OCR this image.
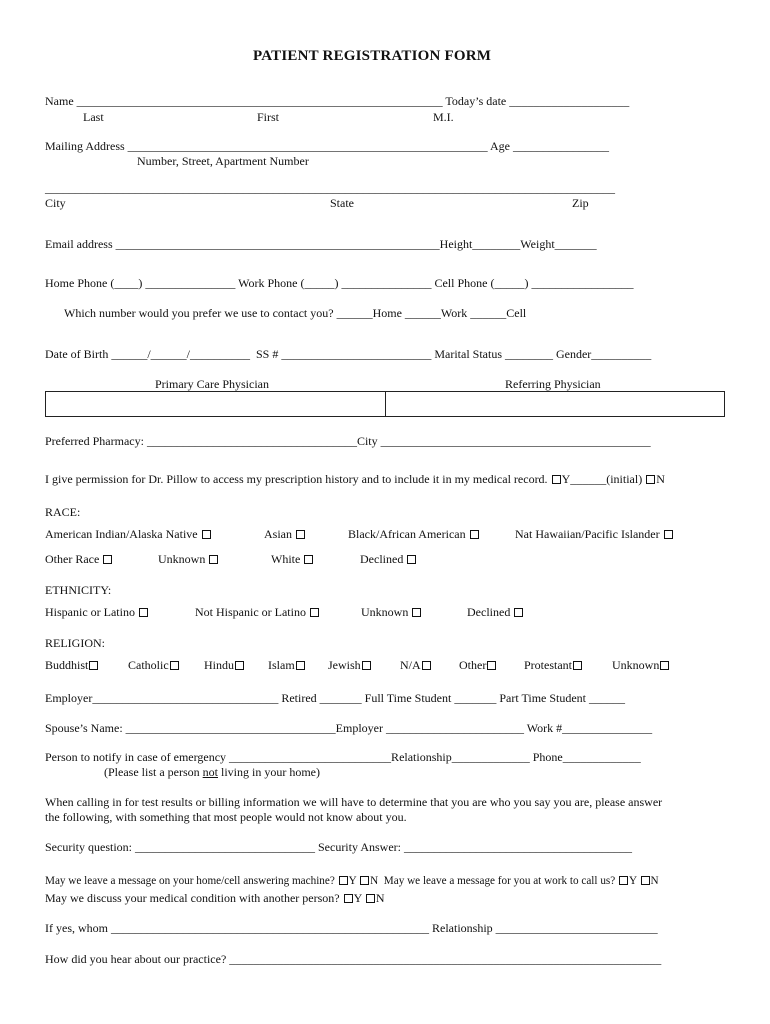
PATIENT REGISTRATION FORM
Name _____________________________________________________________ Today’s date ____________________
Last	First	M.I.
Mailing Address ____________________________________________________________ Age ________________
Number, Street, Apartment Number
_______________________________________________________________________________________________
City	State	Zip
Email address ______________________________________________________Height________Weight_______
Home Phone (____) _______________ Work Phone (_____) _______________ Cell Phone (_____) _________________
Which number would you prefer we use to contact you? ______Home ______Work ______Cell
Date of Birth ______/______/__________  SS # _________________________ Marital Status ________ Gender__________
Primary Care Physician	Referring Physician
Preferred Pharmacy: ___________________________________City _____________________________________________
I give permission for Dr. Pillow to access my prescription history and to include it in my medical record. Y______(initial) N
RACE:
American Indian/Alaska Native	Asian	Black/African American	Nat Hawaiian/Pacific Islander
Other Race	Unknown	White	Declined
ETHNICITY:
Hispanic or Latino	Not Hispanic or Latino	Unknown	Declined
RELIGION:
Buddhist	Catholic	Hindu	Islam	Jewish	N/A	Other	Protestant	Unknown
Employer_______________________________ Retired _______ Full Time Student _______ Part Time Student ______
Spouse’s Name: ___________________________________Employer _______________________ Work #_______________
Person to notify in case of emergency ___________________________Relationship_____________ Phone_____________
(Please list a person not living in your home)
When calling in for test results or billing information we will have to determine that you are who you say you are, please answer
the following, with something that most people would not know about you.
Security question: ______________________________ Security Answer: ______________________________________
May we leave a message on your home/cell answering machine? Y N May we leave a message for you at work to call us? Y N
May we discuss your medical condition with another person? Y N
If yes, whom _____________________________________________________ Relationship ___________________________
How did you hear about our practice? ________________________________________________________________________
